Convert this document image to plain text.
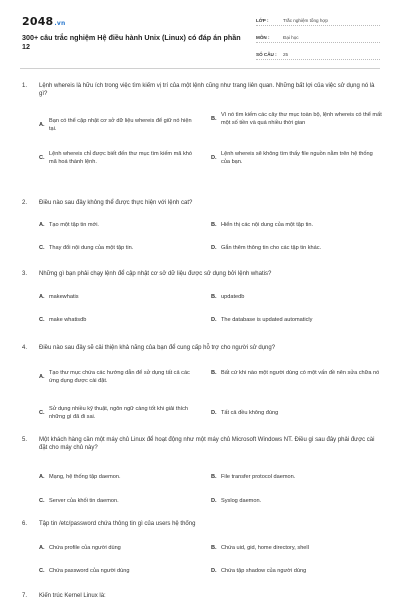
2048.vn
300+ câu trắc nghiệm Hệ điều hành Unix (Linux) có đáp án phần 12
LỚP :	Trắc nghiệm tổng hợp
MÔN :	Đại học
SỐ CÂU :	25
1.	Lệnh whereis là hữu ích trong việc tìm kiếm vị trí của một lệnh cũng như trang liên quan. Những bất lợi của việc sử dụng nó là gì?
A.
Bạn có thể cập nhật cơ sở dữ liệu whereis để giữ nó hiện tại.
B.
Vì nó tìm kiếm các cây thư mục toàn bộ, lệnh whereis có thể mất một số tiền và quá nhiều thời gian
C.
Lệnh whereis chỉ được biết đến thư mục tìm kiếm mã khó mã hoá thành lệnh.
D.
Lệnh whereis sẽ không tìm thấy file nguồn nằm trên hệ thống của bạn.
2.	Điều nào sau đây không thể được thực hiện với lệnh cat?
A. Tạo một tập tin mới.	B. Hiển thị các nội dung của một tập tin.
C. Thay đổi nội dung của một tập tin.	D. Gắn thêm thông tin cho các tập tin khác.
3.	Những gì bạn phải chạy lệnh để cập nhật cơ sở dữ liệu được sử dụng bởi lệnh whatis?
A. makewhatis	B. updatedb
C. make whatisdb	D. The database is updated automaticly
4.	Điều nào sau đây sẽ cải thiện khả năng của bạn để cung cấp hỗ trợ cho người sử dụng?
A.
Tạo thư mục chứa các hướng dẫn để sử dụng tất cả các ứng dụng được cài đặt.
B. Bất cứ khi nào một người dùng có một vấn đề nên sửa chữa nó
C.
Sử dụng nhiều kỹ thuật, ngôn ngữ càng tốt khi giải thích những gì đã đi sai.
D. Tất cả đều không đúng
5.	Một khách hàng cần một máy chủ Linux để hoạt động như một máy chủ Microsoft Windows NT. Điều gì sau đây phải được cài đặt cho máy chủ này?
A. Mạng, hệ thống tập daemon.	B. File transfer protocol daemon.
C. Server của khối tin daemon.	D. Syslog daemon.
6.	Tập tin /etc/password chứa thông tin gì của users hệ thống
A. Chứa profile của người dùng	B. Chứa uid, gid, home directory, shell
C. Chứa password của người dùng	D. Chứa tập shadow của người dùng
7.	Kiến trúc Kernel Linux là:
